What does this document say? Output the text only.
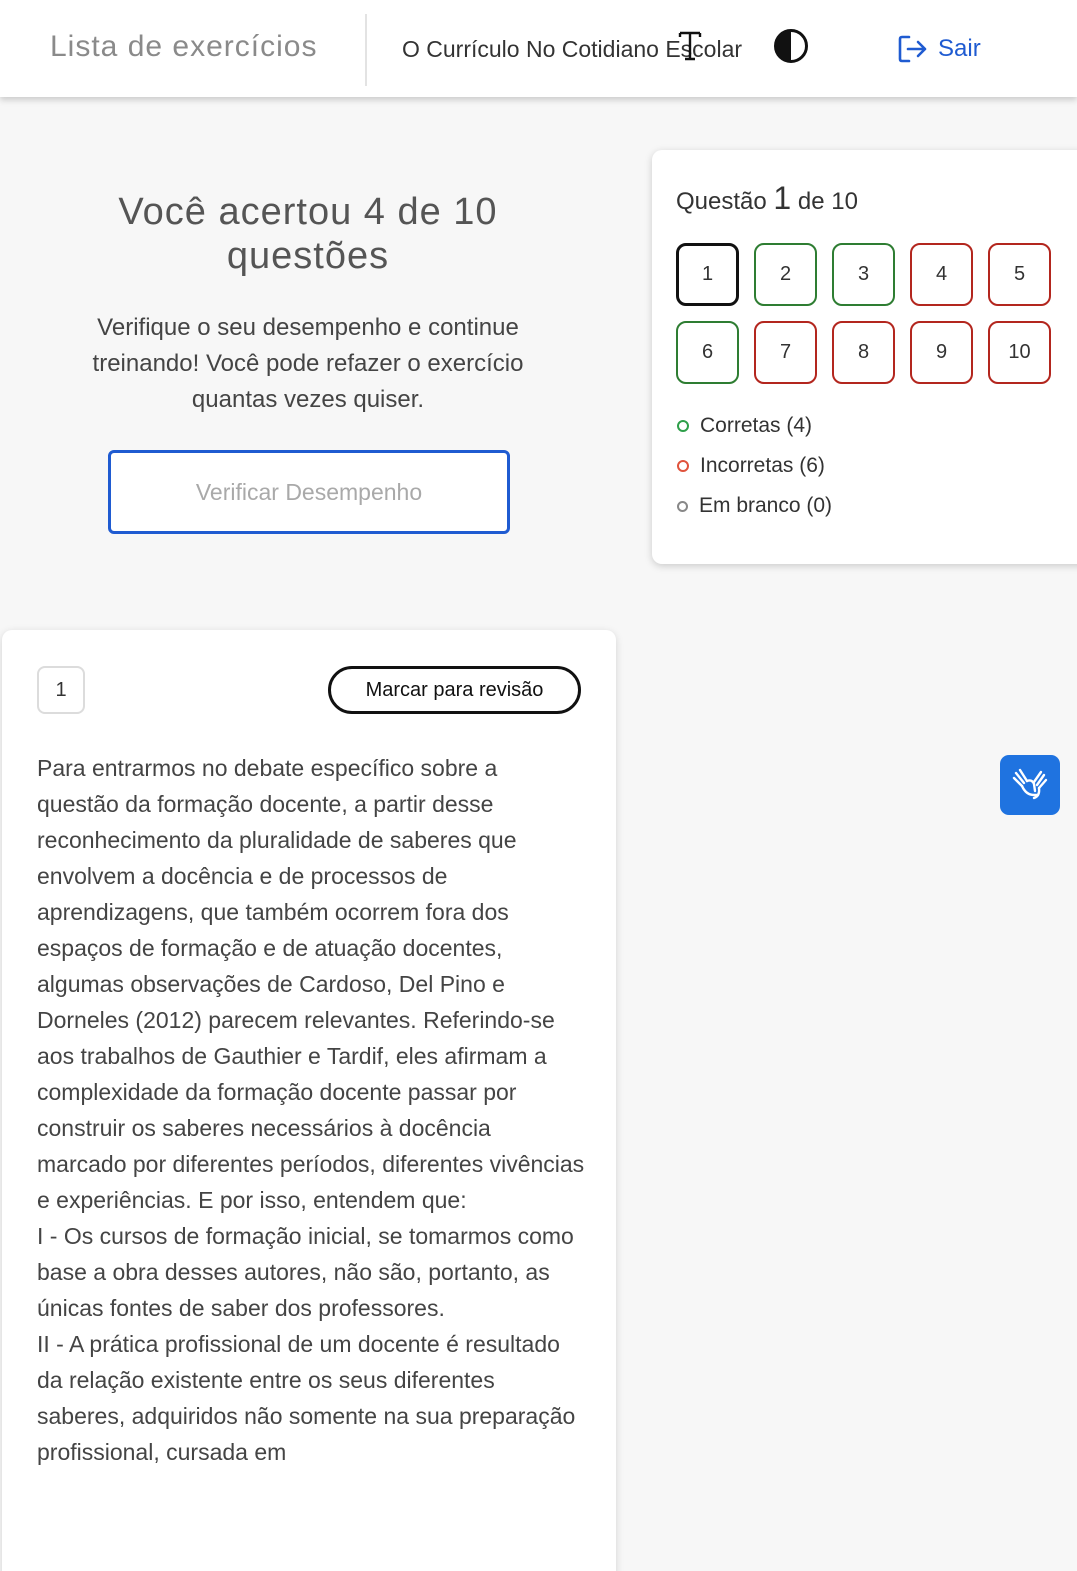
Lista de exercícios	O Currículo No Cotidiano Escolar	Sair
Você acertou 4 de 10 questões
Verifique o seu desempenho e continue treinando! Você pode refazer o exercício quantas vezes quiser.
Verificar Desempenho
Questão 1 de 10
1	2	3	4	5
6	7	8	9	10
Corretas (4)
Incorretas (6)
Em branco (0)
1	Marcar para revisão

Para entrarmos no debate específico sobre a questão da formação docente, a partir desse reconhecimento da pluralidade de saberes que envolvem a docência e de processos de aprendizagens, que também ocorrem fora dos espaços de formação e de atuação docentes, algumas observações de Cardoso, Del Pino e Dorneles (2012) parecem relevantes. Referindo-se aos trabalhos de Gauthier e Tardif, eles afirmam a complexidade da formação docente passar por construir os saberes necessários à docência marcado por diferentes períodos, diferentes vivências e experiências. E por isso, entendem que:

I - Os cursos de formação inicial, se tomarmos como base a obra desses autores, não são, portanto, as únicas fontes de saber dos professores.

II - A prática profissional de um docente é resultado da relação existente entre os seus diferentes saberes, adquiridos não somente na sua preparação profissional, cursada em
